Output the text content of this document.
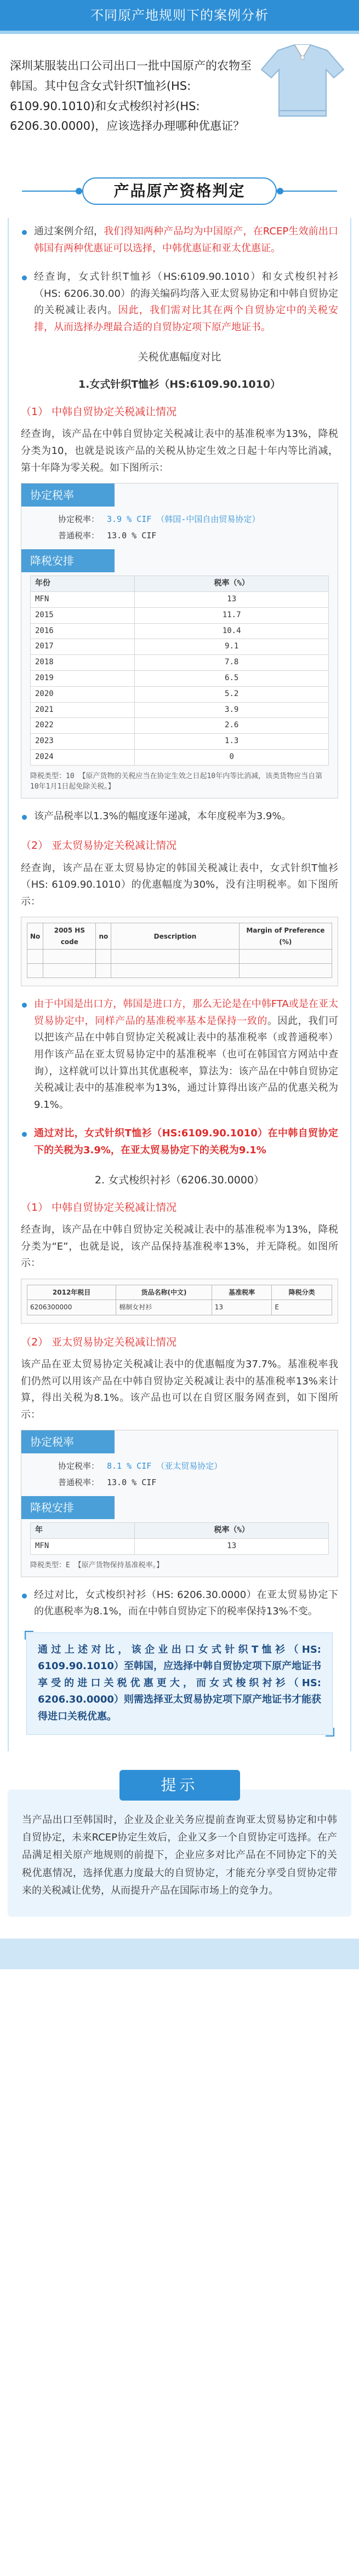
不同原产地规则下的案例分析
深圳某服装出口公司出口一批中国原产的农物至韩国。其中包含女式针织T恤衫(HS: 6109.90.1010)和女式梭织衬衫(HS: 6206.30.0000)，应该选择办理哪种优惠证？
产品原产资格判定
通过案例介绍，我们得知两种产品均为中国原产，在RCEP生效前出口韩国有两种优惠证可以选择，中韩优惠证和亚太优惠证。
经查询，女式针织T恤衫（HS:6109.90.1010）和女式梭织衬衫（HS: 6206.30.00）的海关编码均落入亚太贸易协定和中韩自贸协定的关税减让表内。因此，我们需对比其在两个自贸协定中的关税安排，从而选择办理最合适的自贸协定项下原产地证书。
关税优惠幅度对比
1.女式针织T恤衫（HS:6109.90.1010）
（1） 中韩自贸协定关税减让情况
经查询，该产品在中韩自贸协定关税减让表中的基准税率为13%，降税分类为10，也就是说该产品的关税从协定生效之日起十年内等比消减，第十年降为零关税。如下图所示：
协定税率
协定税率： 3.9 % CIF （韩国-中国自由贸易协定）
普通税率： 13.0 % CIF
降税安排
年份	税率（%）
MFN	13
2015	11.7
2016	10.4
2017	9.1
2018	7.8
2019	6.5
2020	5.2
2021	3.9
2022	2.6
2023	1.3
2024	0
降税类型：10 【原产货物的关税应当在协定生效之日起10年内等比消减，该类货物应当自第10年1月1日起免除关税。】
该产品税率以1.3%的幅度逐年递减，本年度税率为3.9%。
（2） 亚太贸易协定关税减让情况
经查询，该产品在亚太贸易协定的韩国关税减让表中，女式针织T恤衫（HS: 6109.90.1010）的优惠幅度为30%，没有注明税率。如下图所示：
No	2005 HS code	no	Description	Margin of Preference (%)

由于中国是出口方，韩国是进口方，那么无论是在中韩FTA或是在亚太贸易协定中，同样产品的基准税率基本是保持一致的。因此，我们可以把该产品在中韩自贸协定关税减让表中的基准税率（或普通税率）用作该产品在亚太贸易协定中的基准税率（也可在韩国官方网站中查询），这样就可以计算出其优惠税率，算法为：该产品在中韩自贸协定关税减让表中的基准税率为13%，通过计算得出该产品的优惠关税为9.1%。
通过对比，女式针织T恤衫（HS:6109.90.1010）在中韩自贸协定下的关税为3.9%，在亚太贸易协定下的关税为9.1%
2. 女式梭织衬衫（6206.30.0000）
（1） 中韩自贸协定关税减让情况
经查询，该产品在中韩自贸协定关税减让表中的基准税率为13%，降税分类为“E”，也就是说，该产品保持基准税率13%，并无降税。如图所示：
2012年税目	货品名称(中文)	基准税率	降税分类
6206300000	棉制女衬衫	13	E
（2） 亚太贸易协定关税减让情况
该产品在亚太贸易协定关税减让表中的优惠幅度为37.7%。基准税率我们仍然可以用该产品在中韩自贸协定关税减让表中的基准税率13%来计算，得出关税为8.1%。该产品也可以在自贸区服务网查到，如下图所示：
协定税率
协定税率： 8.1 % CIF （亚太贸易协定）
普通税率： 13.0 % CIF
降税安排
年	税率（%）
MFN	13
降税类型：E 【原产货物保持基准税率。】
经过对比，女式梭织衬衫（HS: 6206.30.0000）在亚太贸易协定下的优惠税率为8.1%，而在中韩自贸协定下的税率保持13%不变。
通过上述对比，该企业出口女式针织T恤衫（HS: 6109.90.1010）至韩国，应选择中韩自贸协定项下原产地证书享受的进口关税优惠更大，而女式梭织衬衫（HS: 6206.30.0000）则需选择亚太贸易协定项下原产地证书才能获得进口关税优惠。
提示
当产品出口至韩国时，企业及企业关务应提前查询亚太贸易协定和中韩自贸协定，未来RCEP协定生效后，企业又多一个自贸协定可选择。在产品满足相关原产地规则的前提下，企业应多对比产品在不同协定下的关税优惠情况，选择优惠力度最大的自贸协定，才能充分享受自贸协定带来的关税减让优势，从而提升产品在国际市场上的竞争力。
